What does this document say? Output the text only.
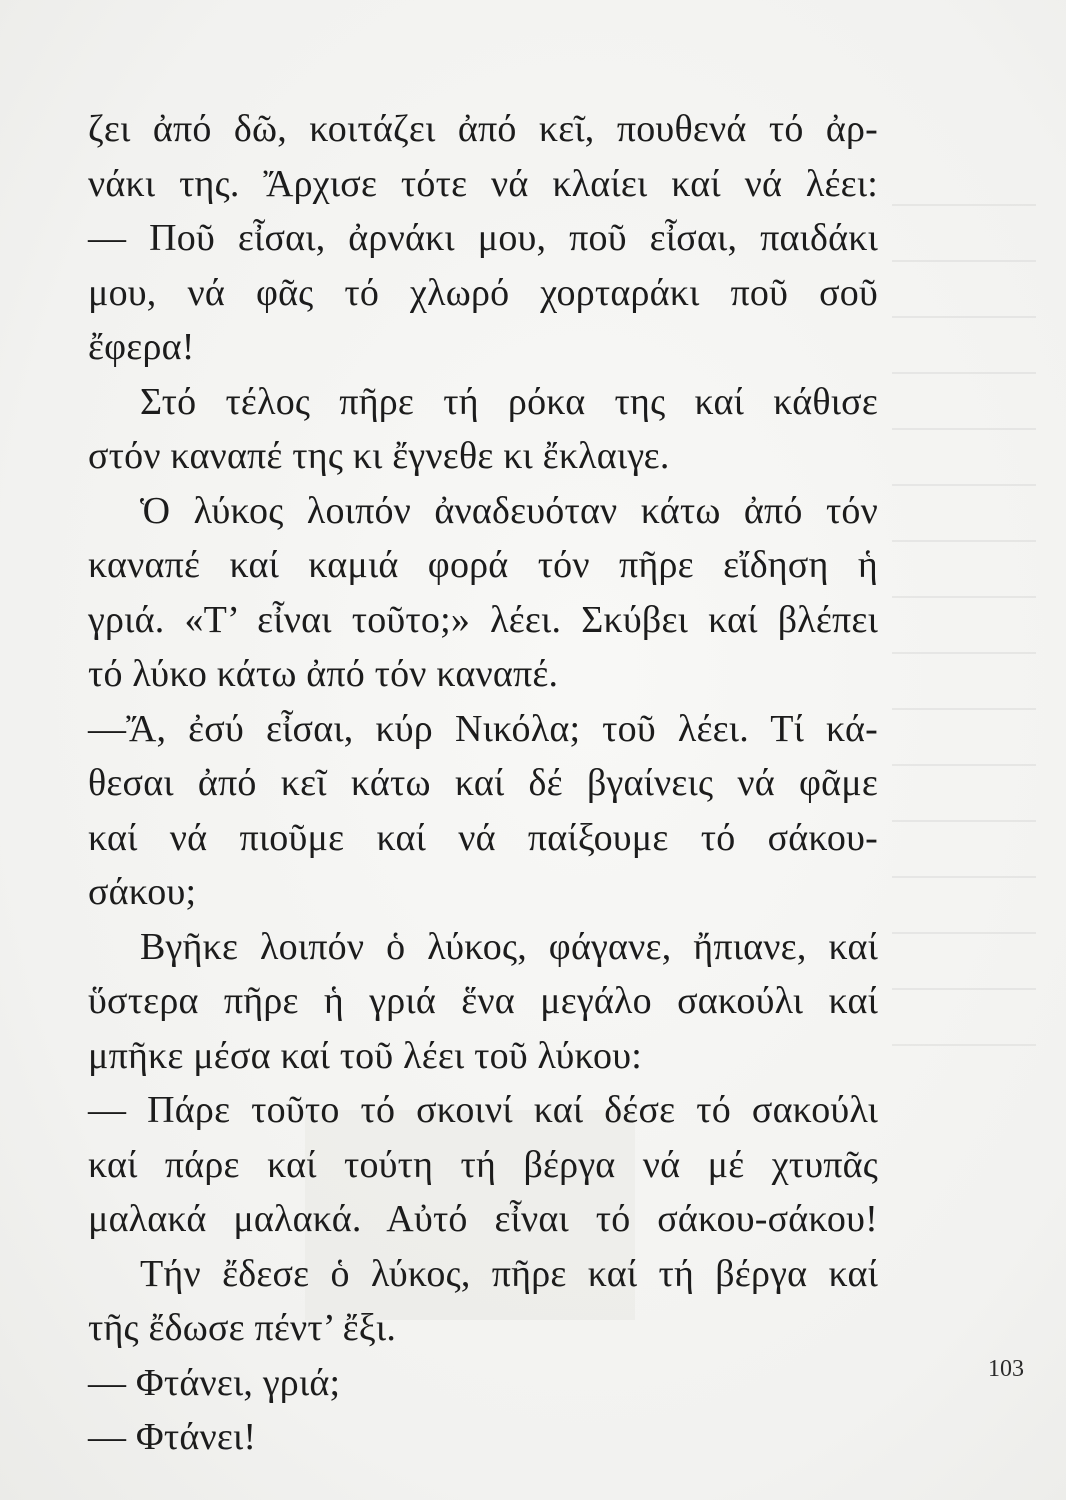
ζει ἀπό δῶ, κοιτάζει ἀπό κεῖ, πουθενά τό ἀρ-
νάκι της. Ἄρχισε τότε νά κλαίει καί νά λέει:
— Ποῦ εἶσαι, ἀρνάκι μου, ποῦ εἶσαι, παιδάκι
μου, νά φᾶς τό χλωρό χορταράκι ποῦ σοῦ
ἔφερα!
Στό τέλος πῆρε τή ρόκα της καί κάθισε
στόν καναπέ της κι ἔγνεθε κι ἔκλαιγε.
Ὁ λύκος λοιπόν ἀναδευόταν κάτω ἀπό τόν
καναπέ καί καμιά φορά τόν πῆρε εἴδηση ἡ
γριά. «Τ’ εἶναι τοῦτο;» λέει. Σκύβει καί βλέπει
τό λύκο κάτω ἀπό τόν καναπέ.
—Ἄ, ἐσύ εἶσαι, κύρ Νικόλα; τοῦ λέει. Τί κά-
θεσαι ἀπό κεῖ κάτω καί δέ βγαίνεις νά φᾶμε
καί νά πιοῦμε καί νά παίξουμε τό σάκου-
σάκου;
Βγῆκε λοιπόν ὁ λύκος, φάγανε, ἤπιανε, καί
ὕστερα πῆρε ἡ γριά ἕνα μεγάλο σακούλι καί
μπῆκε μέσα καί τοῦ λέει τοῦ λύκου:
— Πάρε τοῦτο τό σκοινί καί δέσε τό σακούλι
καί πάρε καί τούτη τή βέργα νά μέ χτυπᾶς
μαλακά μαλακά. Αὐτό εἶναι τό σάκου-σάκου!
Τήν ἔδεσε ὁ λύκος, πῆρε καί τή βέργα καί
τῆς ἔδωσε πέντ’ ἔξι.
— Φτάνει, γριά;
— Φτάνει!
103
